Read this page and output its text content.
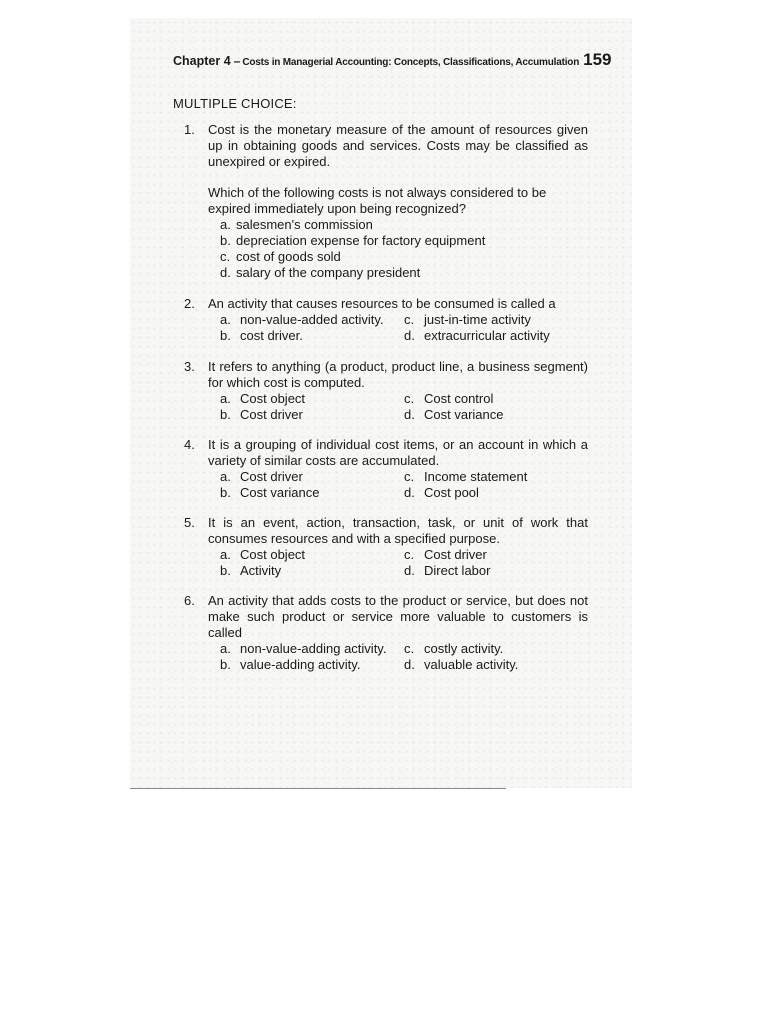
Chapter 4 – Costs in Managerial Accounting: Concepts, Classifications, Accumulation 159
MULTIPLE CHOICE:
1.	Cost is the monetary measure of the amount of resources given up in obtaining goods and services. Costs may be classified as unexpired or expired.
Which of the following costs is not always considered to be expired immediately upon being recognized?
a. salesmen's commission
b. depreciation expense for factory equipment
c. cost of goods sold
d. salary of the company president
2.	An activity that causes resources to be consumed is called a
a. non-value-added activity. c. just-in-time activity
b. cost driver.	d. extracurricular activity
3.	It refers to anything (a product, product line, a business segment) for which cost is computed.
a. Cost object	c. Cost control
b. Cost driver	d. Cost variance
4.	It is a grouping of individual cost items, or an account in which a variety of similar costs are accumulated.
a. Cost driver	c. Income statement
b. Cost variance	d. Cost pool
5.	It is an event, action, transaction, task, or unit of work that consumes resources and with a specified purpose.
a. Cost object	c. Cost driver
b. Activity	d. Direct labor
6.	An activity that adds costs to the product or service, but does not make such product or service more valuable to customers is called
a. non-value-adding activity. c. costly activity.
b. value-adding activity.	d. valuable activity.
